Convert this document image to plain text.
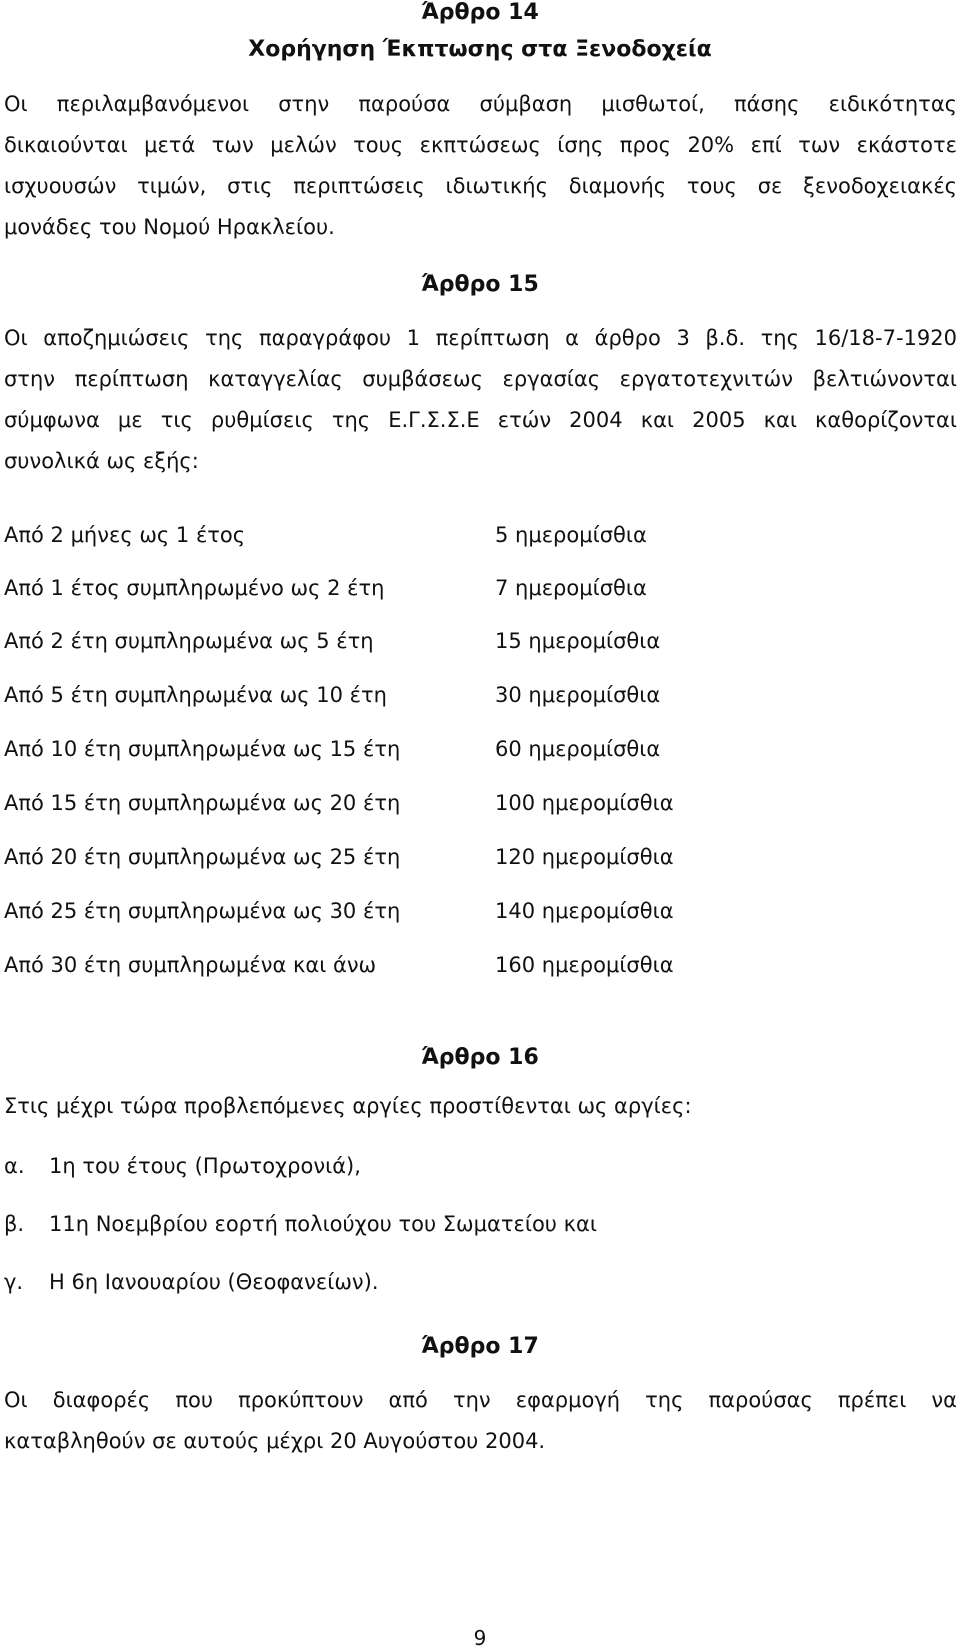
Άρθρο 14
Χορήγηση Έκπτωσης στα Ξενοδοχεία
Οι περιλαμβανόμενοι στην παρούσα σύμβαση μισθωτοί, πάσης ειδικότητας
δικαιούνται μετά των μελών τους εκπτώσεως ίσης προς 20% επί των εκάστοτε
ισχυουσών τιμών, στις περιπτώσεις ιδιωτικής διαμονής τους σε ξενοδοχειακές
μονάδες του Νομού Ηρακλείου.
Άρθρο 15
Οι αποζημιώσεις της παραγράφου 1 περίπτωση α άρθρο 3 β.δ. της 16/18-7-1920
στην περίπτωση καταγγελίας συμβάσεως εργασίας εργατοτεχνιτών βελτιώνονται
σύμφωνα με τις ρυθμίσεις της Ε.Γ.Σ.Σ.Ε ετών 2004 και 2005 και καθορίζονται
συνολικά ως εξής:
Από 2 μήνες ως 1 έτος	5 ημερομίσθια
Από 1 έτος συμπληρωμένο ως 2 έτη	7 ημερομίσθια
Από 2 έτη συμπληρωμένα ως 5 έτη	15 ημερομίσθια
Από 5 έτη συμπληρωμένα ως 10 έτη	30 ημερομίσθια
Από 10 έτη συμπληρωμένα ως 15 έτη	60 ημερομίσθια
Από 15 έτη συμπληρωμένα ως 20 έτη	100 ημερομίσθια
Από 20 έτη συμπληρωμένα ως 25 έτη	120 ημερομίσθια
Από 25 έτη συμπληρωμένα ως 30 έτη	140 ημερομίσθια
Από 30 έτη συμπληρωμένα και άνω	160 ημερομίσθια
Άρθρο 16
Στις μέχρι τώρα προβλεπόμενες αργίες προστίθενται ως αργίες:
α. 1η του έτους (Πρωτοχρονιά),
β. 11η Νοεμβρίου εορτή πολιούχου του Σωματείου και
γ. Η 6η Ιανουαρίου (Θεοφανείων).
Άρθρο 17
Οι διαφορές που προκύπτουν από την εφαρμογή της παρούσας πρέπει να
καταβληθούν σε αυτούς μέχρι 20 Αυγούστου 2004.
9
